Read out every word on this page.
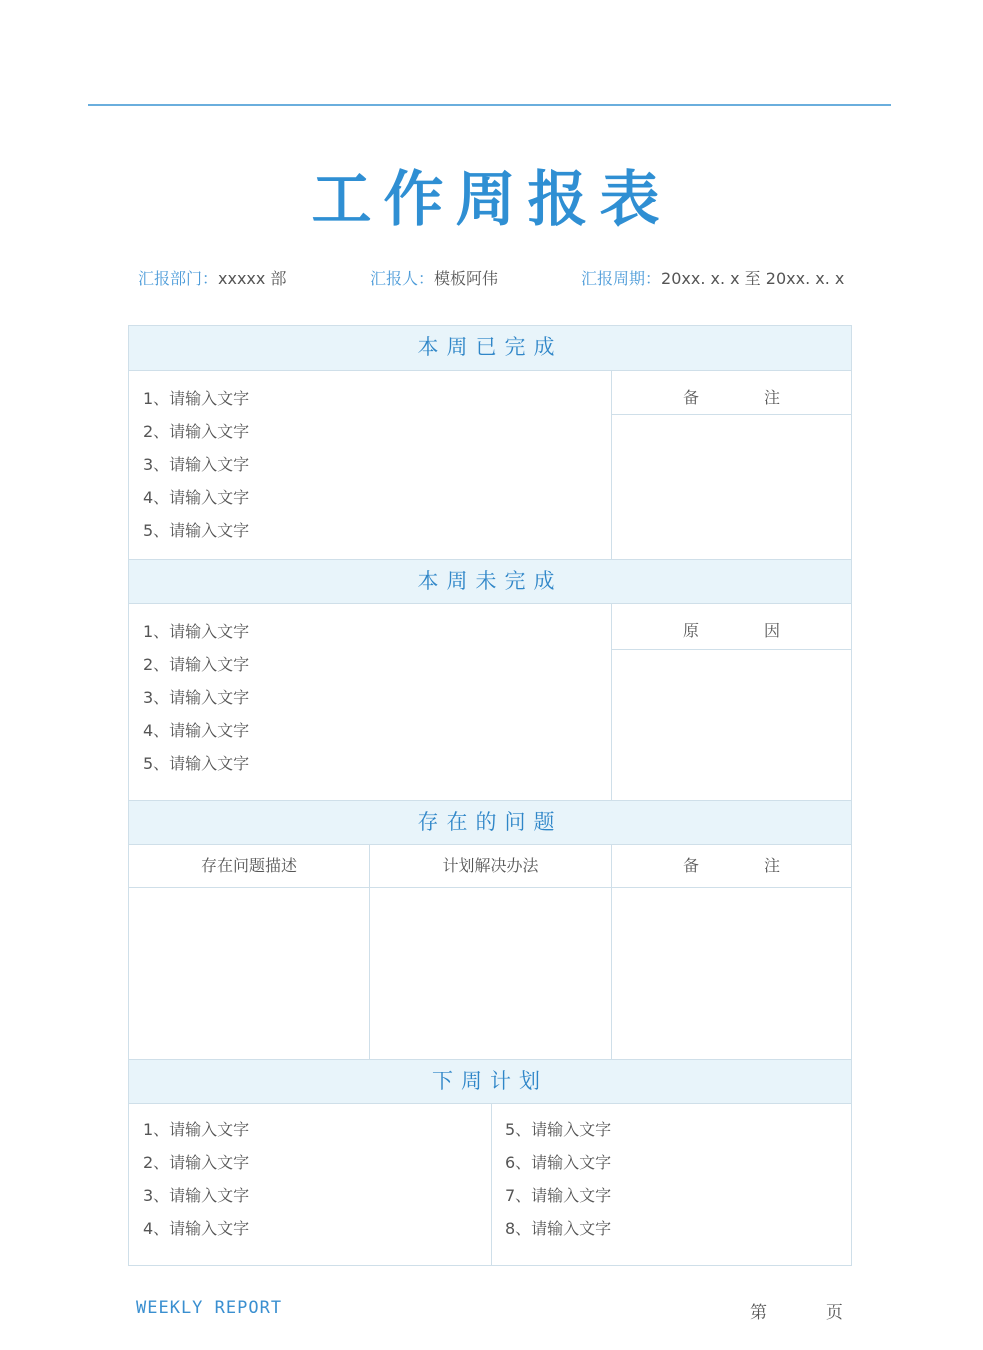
工作周报表
汇报部门：xxxxx 部	汇报人：模板阿伟	汇报周期：20xx. x. x 至 20xx. x. x
本周已完成
1、请输入文字
2、请输入文字
3、请输入文字
4、请输入文字
5、请输入文字
备 注
本周未完成
1、请输入文字
2、请输入文字
3、请输入文字
4、请输入文字
5、请输入文字
原 因
存在的问题
存在问题描述	计划解决办法	备 注
下周计划
1、请输入文字
2、请输入文字
3、请输入文字
4、请输入文字
5、请输入文字
6、请输入文字
7、请输入文字
8、请输入文字
WEEKLY REPORT	第	页
